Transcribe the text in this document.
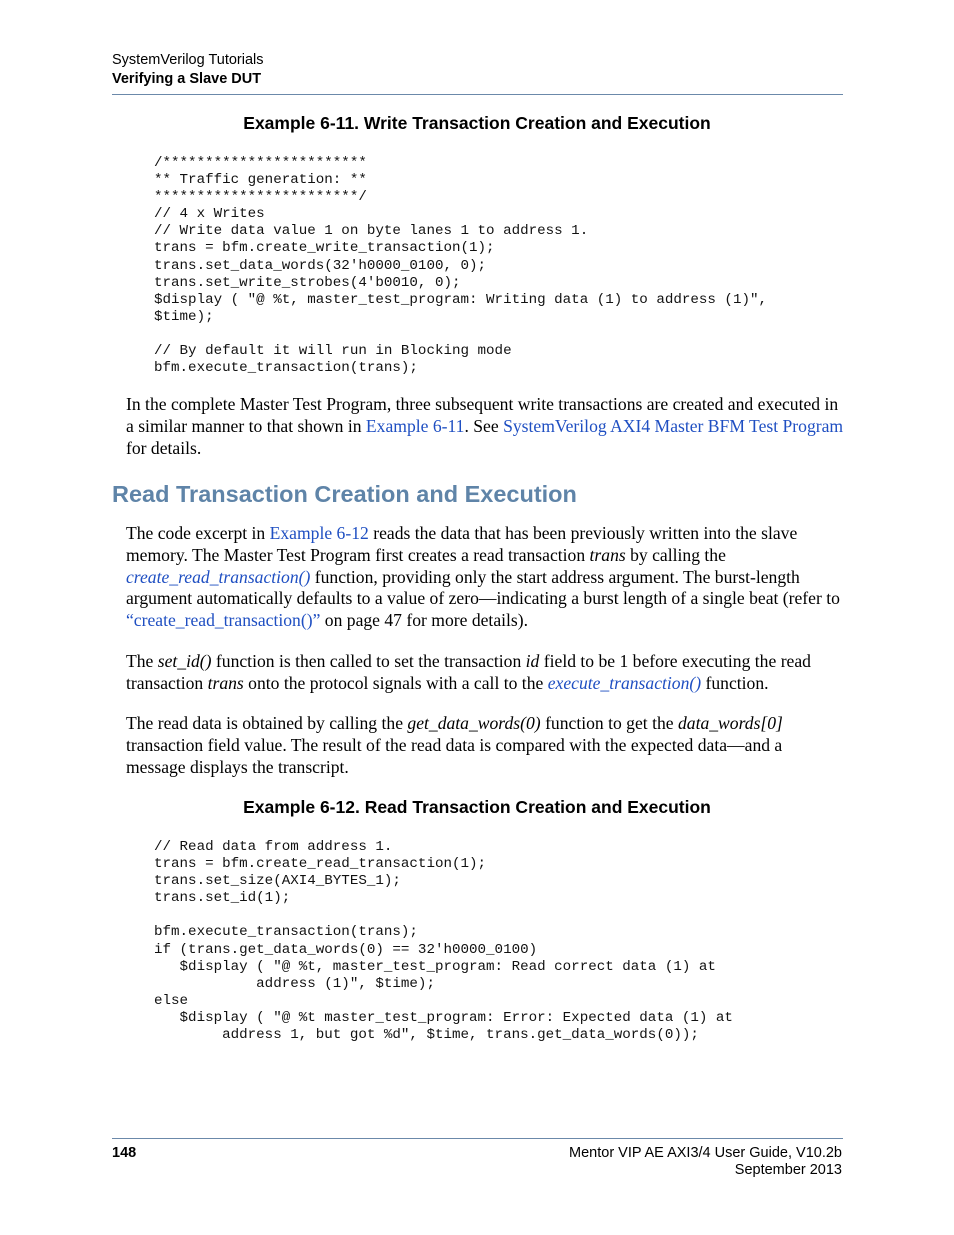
SystemVerilog Tutorials
Verifying a Slave DUT
Example 6-11. Write Transaction Creation and Execution
/************************
** Traffic generation: **
************************/
// 4 x Writes
// Write data value 1 on byte lanes 1 to address 1.
trans = bfm.create_write_transaction(1);
trans.set_data_words(32'h0000_0100, 0);
trans.set_write_strobes(4'b0010, 0);
$display ( "@ %t, master_test_program: Writing data (1) to address (1)",
$time);

// By default it will run in Blocking mode
bfm.execute_transaction(trans);

In the complete Master Test Program, three subsequent write transactions are created and executed in a similar manner to that shown in Example 6-11. See SystemVerilog AXI4 Master BFM Test Program for details.

Read Transaction Creation and Execution

The code excerpt in Example 6-12 reads the data that has been previously written into the slave memory. The Master Test Program first creates a read transaction trans by calling the create_read_transaction() function, providing only the start address argument. The burst-length argument automatically defaults to a value of zero—indicating a burst length of a single beat (refer to “create_read_transaction()” on page 47 for more details).

The set_id() function is then called to set the transaction id field to be 1 before executing the read transaction trans onto the protocol signals with a call to the execute_transaction() function.

The read data is obtained by calling the get_data_words(0) function to get the data_words[0] transaction field value. The result of the read data is compared with the expected data—and a message displays the transcript.

Example 6-12. Read Transaction Creation and Execution
// Read data from address 1.
trans = bfm.create_read_transaction(1);
trans.set_size(AXI4_BYTES_1);
trans.set_id(1);

bfm.execute_transaction(trans);
if (trans.get_data_words(0) == 32'h0000_0100)
$display ( "@ %t, master_test_program: Read correct data (1) at
address (1)", $time);
else
$display ( "@ %t master_test_program: Error: Expected data (1) at
address 1, but got %d", $time, trans.get_data_words(0));
148	Mentor VIP AE AXI3/4 User Guide, V10.2b
September 2013
